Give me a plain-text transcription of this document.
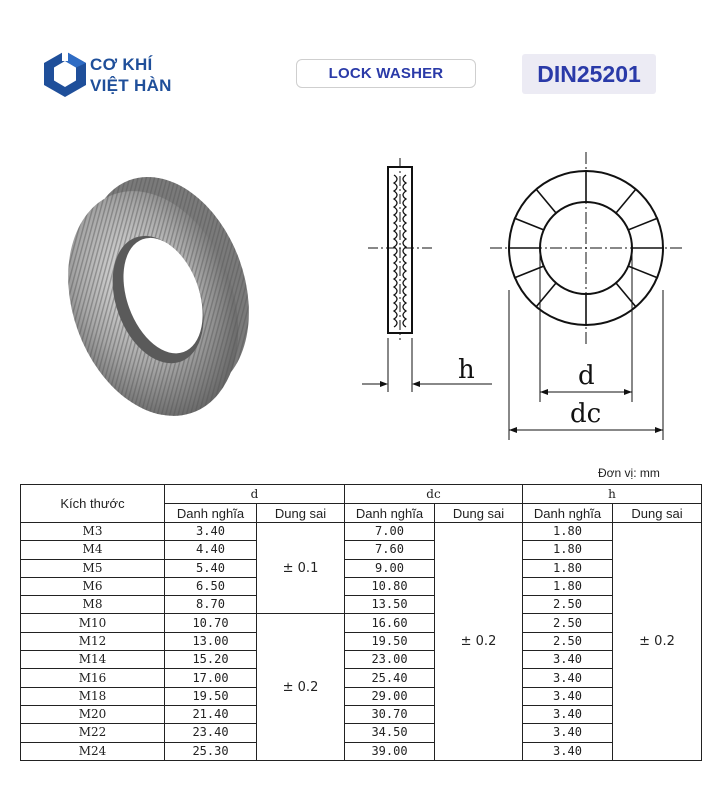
CƠ KHÍ
VIỆT HÀN
LOCK WASHER	DIN25201
h	d
dc
Đơn vị: mm
Kích thước	d		dc		h	
	Danh nghĩa	Dung sai	Danh nghĩa	Dung sai	Danh nghĩa	Dung sai
M3	3.40	± 0.1	7.00	± 0.2	1.80	± 0.2
M4	4.40		7.60		1.80	
M5	5.40		9.00		1.80	
M6	6.50		10.80		1.80	
M8	8.70		13.50		2.50	
M10	10.70	± 0.2	16.60		2.50	
M12	13.00		19.50		2.50	
M14	15.20		23.00		3.40	
M16	17.00		25.40		3.40	
M18	19.50		29.00		3.40	
M20	21.40		30.70		3.40	
M22	23.40		34.50		3.40	
M24	25.30		39.00		3.40	
